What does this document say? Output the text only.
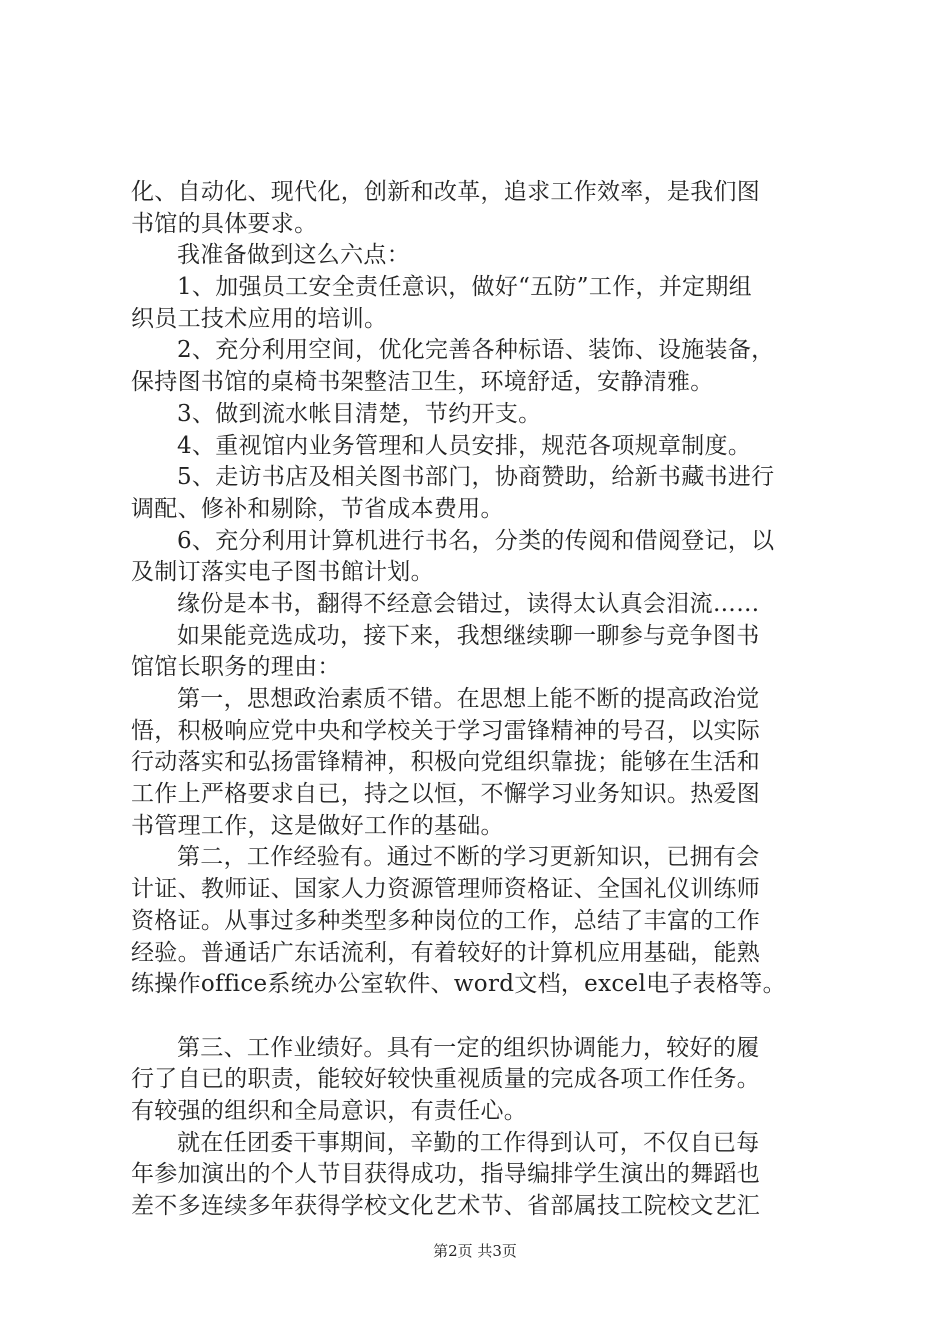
化、自动化、现代化，创新和改革，追求工作效率，是我们图
书馆的具体要求。
我准备做到这么六点：
1、加强员工安全责任意识，做好“五防”工作，并定期组
织员工技术应用的培训。
2、充分利用空间，优化完善各种标语、装饰、设施装备，
保持图书馆的桌椅书架整洁卫生，环境舒适，安静清雅。
3、做到流水帐目清楚，节约开支。
4、重视馆内业务管理和人员安排，规范各项规章制度。
5、走访书店及相关图书部门，协商赞助，给新书藏书进行
调配、修补和剔除，节省成本费用。
6、充分利用计算机进行书名，分类的传阅和借阅登记，以
及制订落实电子图书館计划。
缘份是本书，翻得不经意会错过，读得太认真会泪流……
如果能竞选成功，接下来，我想继续聊一聊参与竞争图书
馆馆长职务的理由：
第一，思想政治素质不错。在思想上能不断的提高政治觉
悟，积极响应党中央和学校关于学习雷锋精神的号召，以实际
行动落实和弘扬雷锋精神，积极向党组织靠拢；能够在生活和
工作上严格要求自已，持之以恒，不懈学习业务知识。热爱图
书管理工作，这是做好工作的基础。
第二，工作经验有。通过不断的学习更新知识，已拥有会
计证、教师证、国家人力资源管理师资格证、全国礼仪训练师
资格证。从事过多种类型多种岗位的工作，总结了丰富的工作
经验。普通话广东话流利，有着较好的计算机应用基础，能熟
练操作office系统办公室软件、word文档，excel电子表格等。
第三、工作业绩好。具有一定的组织协调能力，较好的履
行了自已的职责，能较好较快重视质量的完成各项工作任务。
有较强的组织和全局意识，有责任心。
就在任团委干事期间，辛勤的工作得到认可，不仅自已每
年参加演出的个人节目获得成功，指导编排学生演出的舞蹈也
差不多连续多年获得学校文化艺术节、省部属技工院校文艺汇
第2页 共3页
